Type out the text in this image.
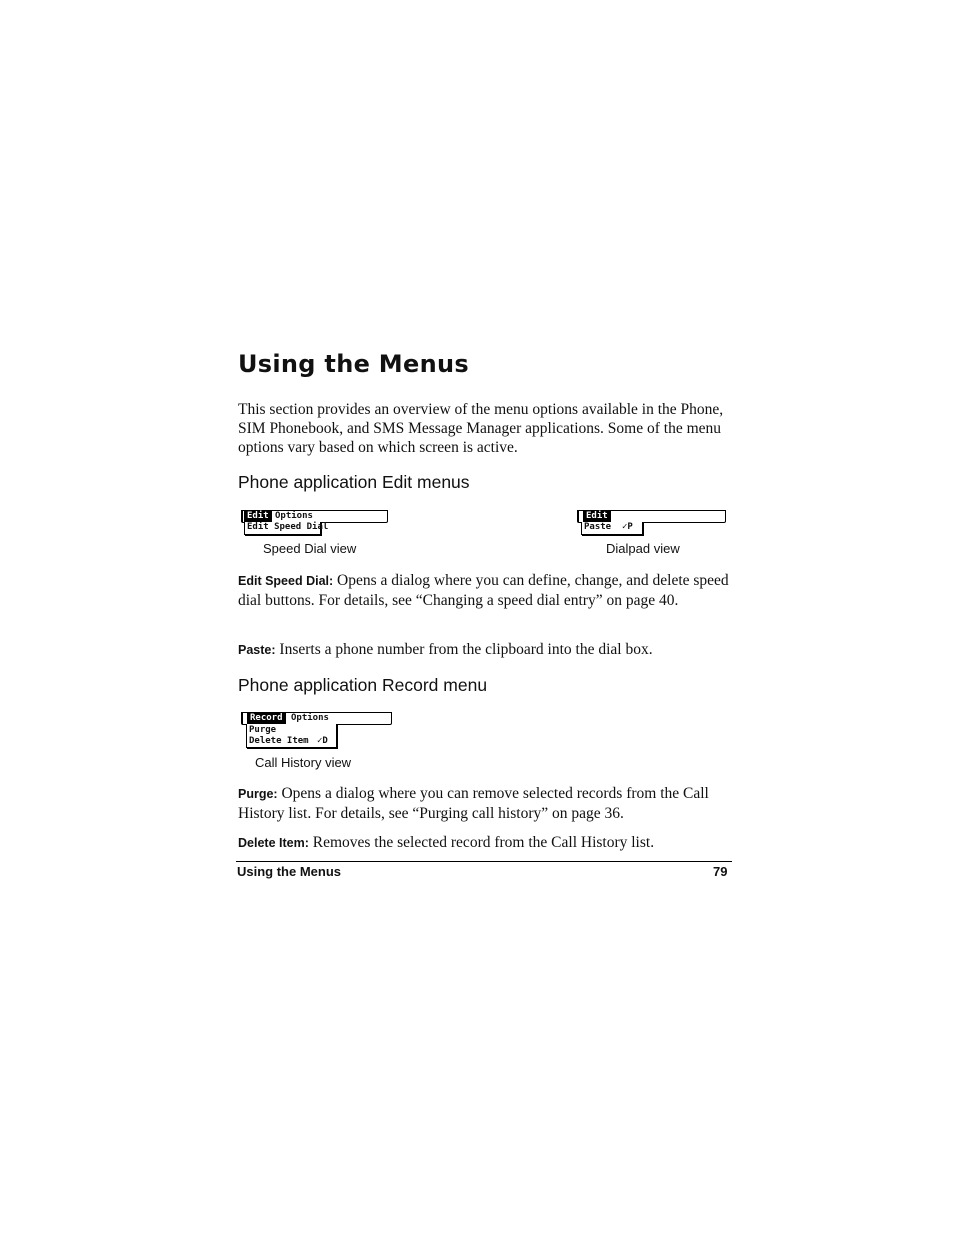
Using the Menus

This section provides an overview of the menu options available in the Phone, SIM Phonebook, and SMS Message Manager applications. Some of the menu options vary based on which screen is active.

Phone application Edit menus
Edit Options
Edit Speed Dial

Speed Dial view

Edit
Paste ✓P

Dialpad view

Edit Speed Dial: Opens a dialog where you can define, change, and delete speed dial buttons. For details, see “Changing a speed dial entry” on page 40.

Paste: Inserts a phone number from the clipboard into the dial box.

Phone application Record menu
Record Options
Purge
Delete Item ✓D

Call History view

Purge: Opens a dialog where you can remove selected records from the Call History list. For details, see “Purging call history” on page 36.

Delete Item: Removes the selected record from the Call History list.

Using the Menus	79
